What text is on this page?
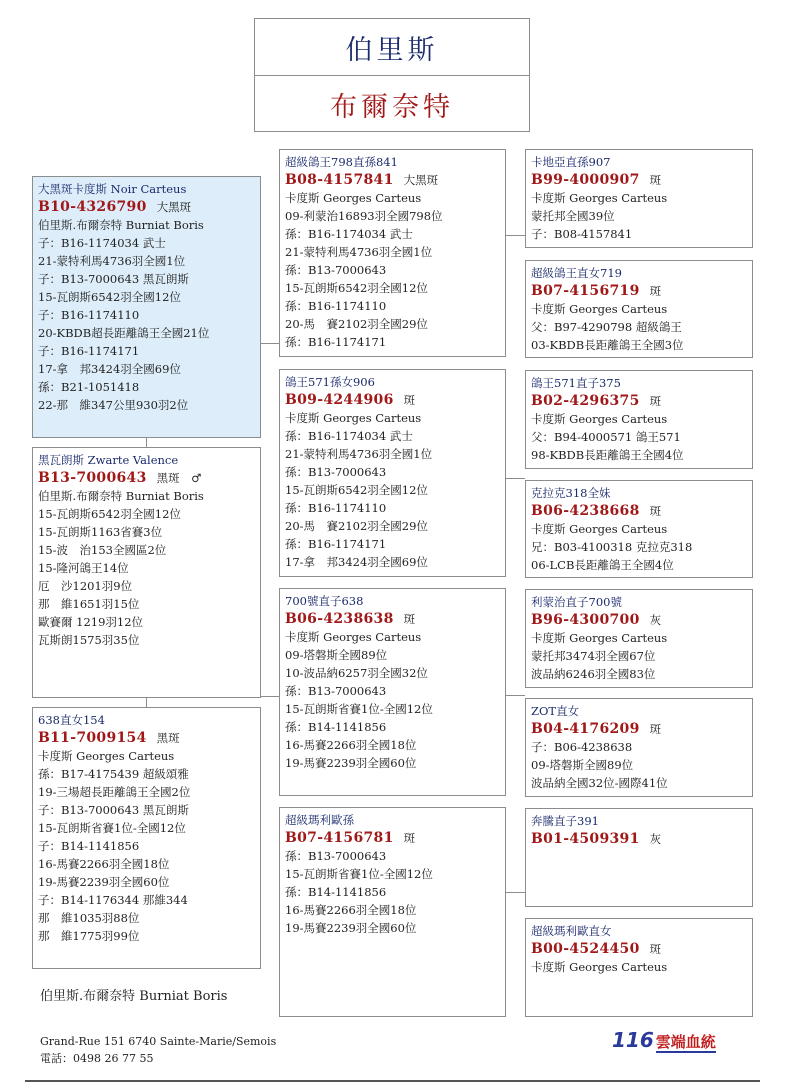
伯里斯
布爾奈特
大黑斑卡度斯 Noir Carteus
B10-4326790 大黑斑
伯里斯.布爾奈特 Burniat Boris
子：B16-1174034 武士
21-蒙特利馬4736羽全國1位
子：B13-7000643 黑瓦朗斯
15-瓦朗斯6542羽全國12位
子：B16-1174110
20-KBDB超長距離鴿王全國21位
子：B16-1174171
17-拿　邦3424羽全國69位
孫：B21-1051418
22-那　維347公里930羽2位
黑瓦朗斯 Zwarte Valence
B13-7000643 黑斑　♂
伯里斯.布爾奈特 Burniat Boris
15-瓦朗斯6542羽全國12位
15-瓦朗斯1163省賽3位
15-波　治153全國區2位
15-隆河鴿王14位
厄　沙1201羽9位
那　維1651羽15位
歐賽爾 1219羽12位
瓦斯朗1575羽35位
638直女154
B11-7009154 黑斑
卡度斯 Georges Carteus
孫：B17-4175439 超級頌雅
19-三場超長距離鴿王全國2位
子：B13-7000643 黑瓦朗斯
15-瓦朗斯省賽1位-全國12位
子：B14-1141856
16-馬賽2266羽全國18位
19-馬賽2239羽全國60位
子：B14-1176344 那維344
那　維1035羽88位
那　維1775羽99位
超級鴿王798直孫841
B08-4157841 大黑斑
卡度斯 Georges Carteus
09-利蒙治16893羽全國798位
孫：B16-1174034 武士
21-蒙特利馬4736羽全國1位
孫：B13-7000643
15-瓦朗斯6542羽全國12位
孫：B16-1174110
20-馬　賽2102羽全國29位
孫：B16-1174171
鴿王571孫女906
B09-4244906 斑
卡度斯 Georges Carteus
孫：B16-1174034 武士
21-蒙特利馬4736羽全國1位
孫：B13-7000643
15-瓦朗斯6542羽全國12位
孫：B16-1174110
20-馬　賽2102羽全國29位
孫：B16-1174171
17-拿　邦3424羽全國69位
700號直子638
B06-4238638 斑
卡度斯 Georges Carteus
09-塔磐斯全國89位
10-波品納6257羽全國32位
孫：B13-7000643
15-瓦朗斯省賽1位-全國12位
孫：B14-1141856
16-馬賽2266羽全國18位
19-馬賽2239羽全國60位
超級瑪利歐孫
B07-4156781 斑
孫：B13-7000643
15-瓦朗斯省賽1位-全國12位
孫：B14-1141856
16-馬賽2266羽全國18位
19-馬賽2239羽全國60位
卡地亞直孫907
B99-4000907 斑
卡度斯 Georges Carteus
蒙托邦全國39位
子：B08-4157841
超級鴿王直女719
B07-4156719 斑
卡度斯 Georges Carteus
父：B97-4290798 超級鴿王
03-KBDB長距離鴿王全國3位
鴿王571直子375
B02-4296375 斑
卡度斯 Georges Carteus
父：B94-4000571 鴿王571
98-KBDB長距離鴿王全國4位
克拉克318全妹
B06-4238668 斑
卡度斯 Georges Carteus
兄：B03-4100318 克拉克318
06-LCB長距離鴿王全國4位
利蒙治直子700號
B96-4300700 灰
卡度斯 Georges Carteus
蒙托邦3474羽全國67位
波品納6246羽全國83位
ZOT直女
B04-4176209 斑
子：B06-4238638
09-塔磐斯全國89位
波品納全國32位-國際41位
奔騰直子391
B01-4509391 灰
超級瑪利歐直女
B00-4524450 斑
卡度斯 Georges Carteus
伯里斯.布爾奈特 Burniat Boris
Grand-Rue 151 6740 Sainte-Marie/Semois
電話：0498 26 77 55
116 雲端血統
